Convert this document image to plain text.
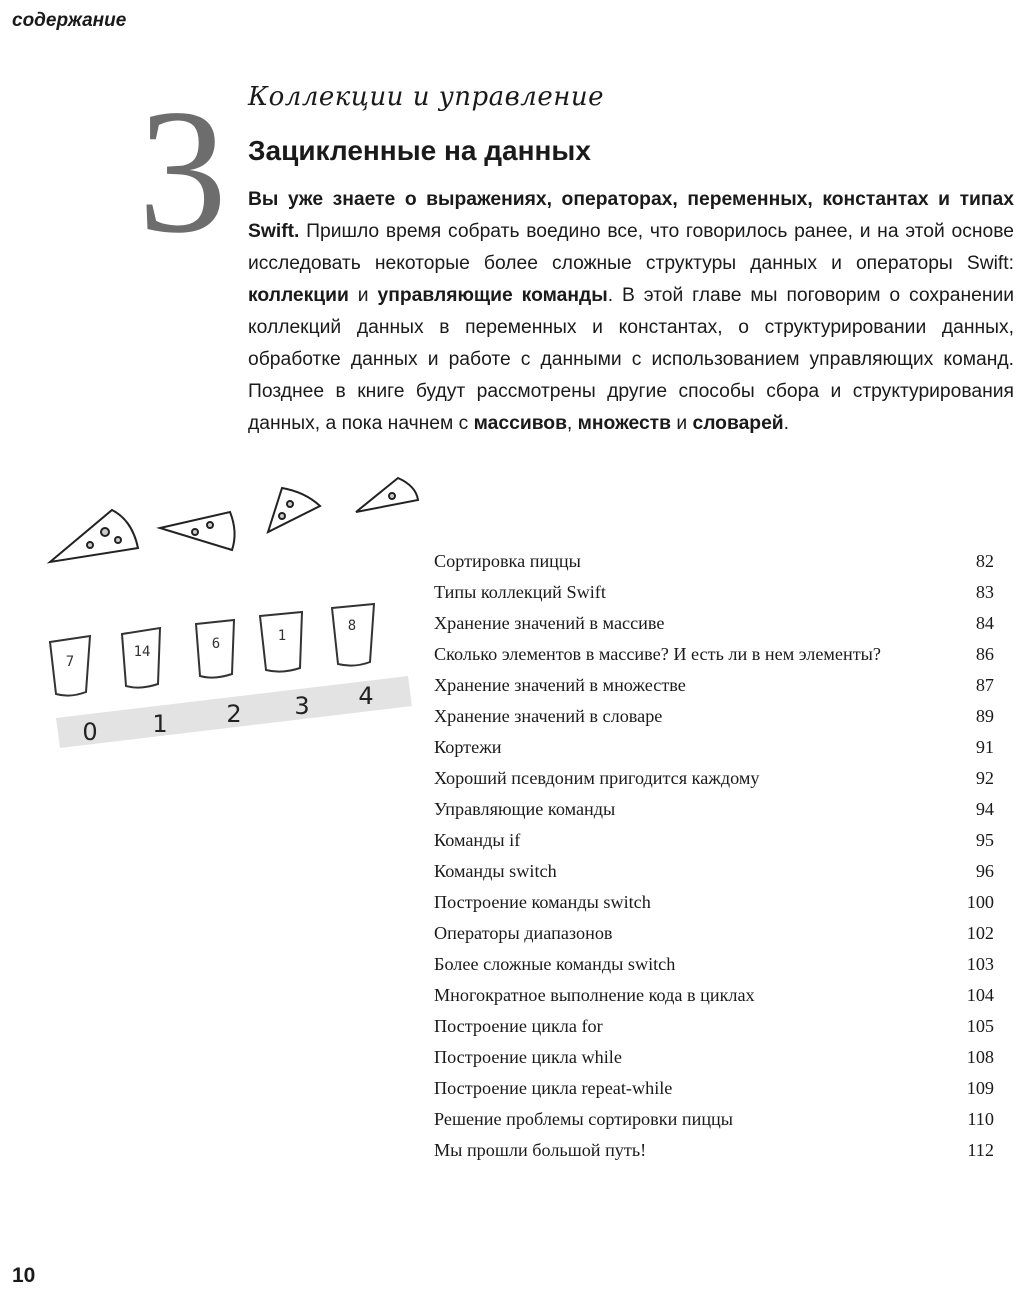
содержание
3 Коллекции и управление
Зацикленные на данных
Вы уже знаете о выражениях, операторах, переменных, константах и типах Swift. Пришло время собрать воедино все, что говорилось ранее, и на этой основе исследовать некоторые более сложные структуры данных и операторы Swift: коллекции и управляющие команды. В этой главе мы поговорим о сохранении коллекций данных в переменных и константах, о структурировании данных, обработке данных и работе с данными с использованием управляющих команд. Позднее в книге будут рассмотрены другие способы сбора и структурирования данных, а пока начнем с массивов, множеств и словарей.
7
14	6	1
8
0 1 2 3 4
Сортировка пиццы	82
Типы коллекций Swift	83
Хранение значений в массиве	84
Сколько элементов в массиве? И есть ли в нем элементы?	86
Хранение значений в множестве	87
Хранение значений в словаре	89
Кортежи	91
Хороший псевдоним пригодится каждому	92
Управляющие команды	94
Команды if	95
Команды switch	96
Построение команды switch	100
Операторы диапазонов	102
Более сложные команды switch	103
Многократное выполнение кода в циклах	104
Построение цикла for	105
Построение цикла while	108
Построение цикла repeat-while	109
Решение проблемы сортировки пиццы	110
Мы прошли большой путь!	112
10
